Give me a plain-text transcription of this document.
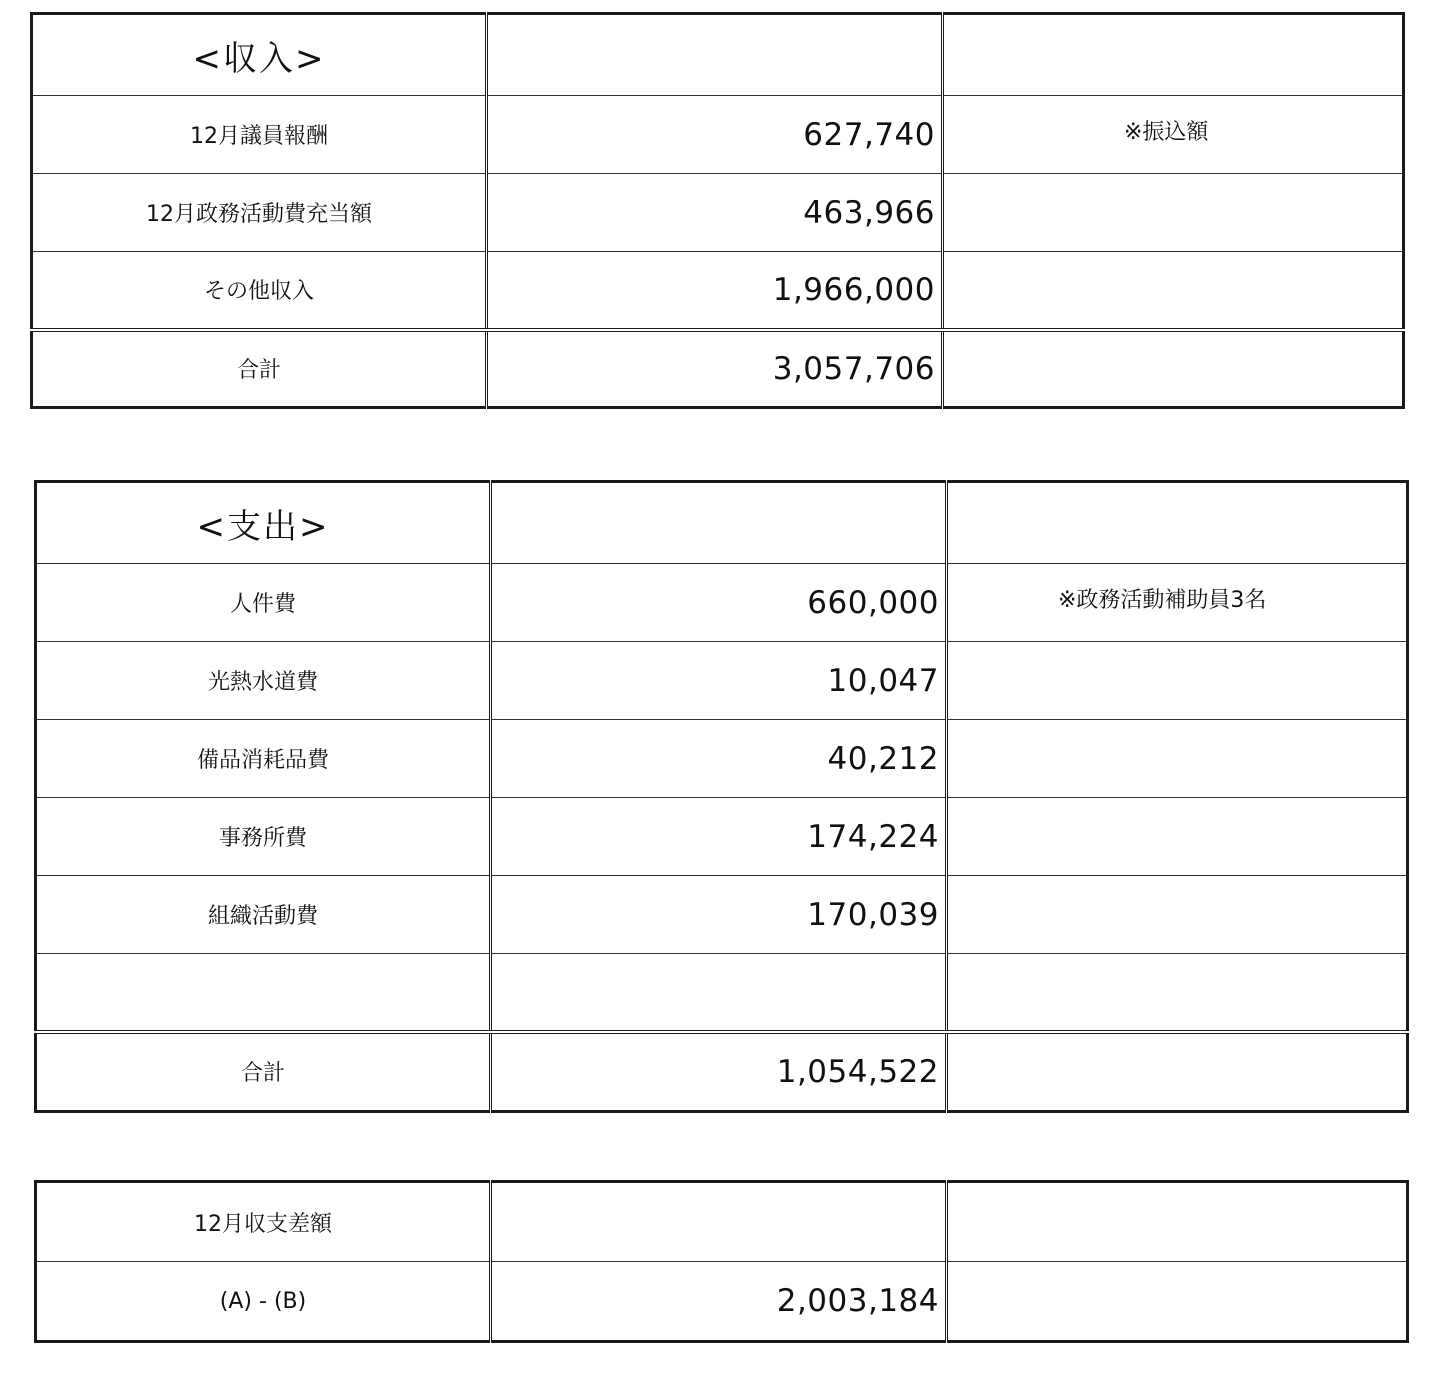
<収入>		
12月議員報酬	627,740	※振込額
12月政務活動費充当額	463,966	
その他収入	1,966,000	
合計	3,057,706	
<支出>		
人件費	660,000	※政務活動補助員3名
光熱水道費	10,047	
備品消耗品費	40,212	
事務所費	174,224	
組織活動費	170,039	

合計	1,054,522	
12月収支差額		
(A) - (B)	2,003,184	
